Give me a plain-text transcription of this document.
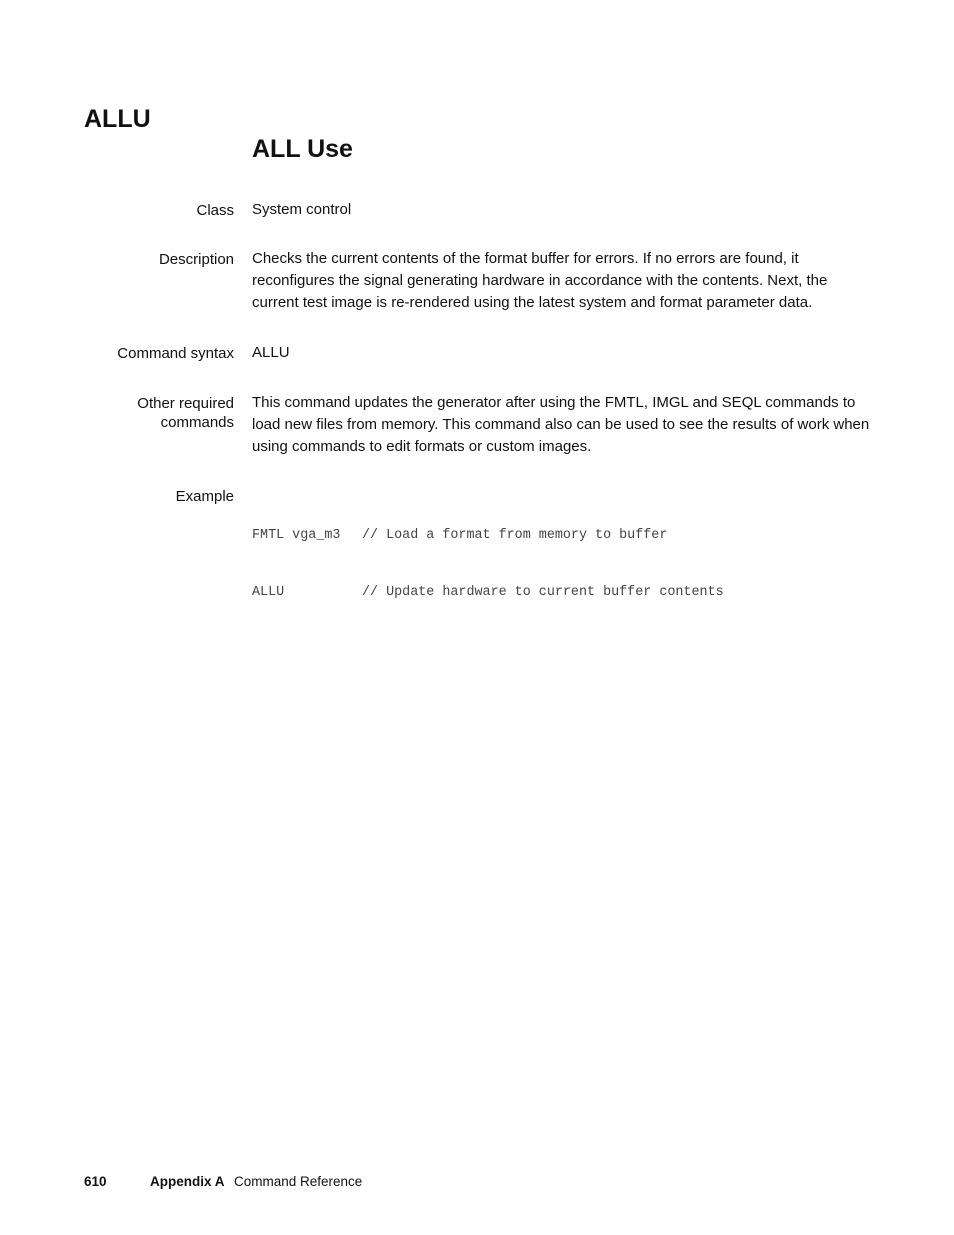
ALLU
ALL Use
Class System control
Description Checks the current contents of the format buffer for errors. If no errors are found, it reconfigures the signal generating hardware in accordance with the contents. Next, the current test image is re-rendered using the latest system and format parameter data.
Command syntax ALLU
Other required
commands
This command updates the generator after using the FMTL, IMGL and SEQL commands to load new files from memory. This command also can be used to see the results of work when using commands to edit formats or custom images.
Example

FMTL vga_m3 // Load a format from memory to buffer

ALLU	// Update hardware to current buffer contents

610	Appendix A Command Reference
